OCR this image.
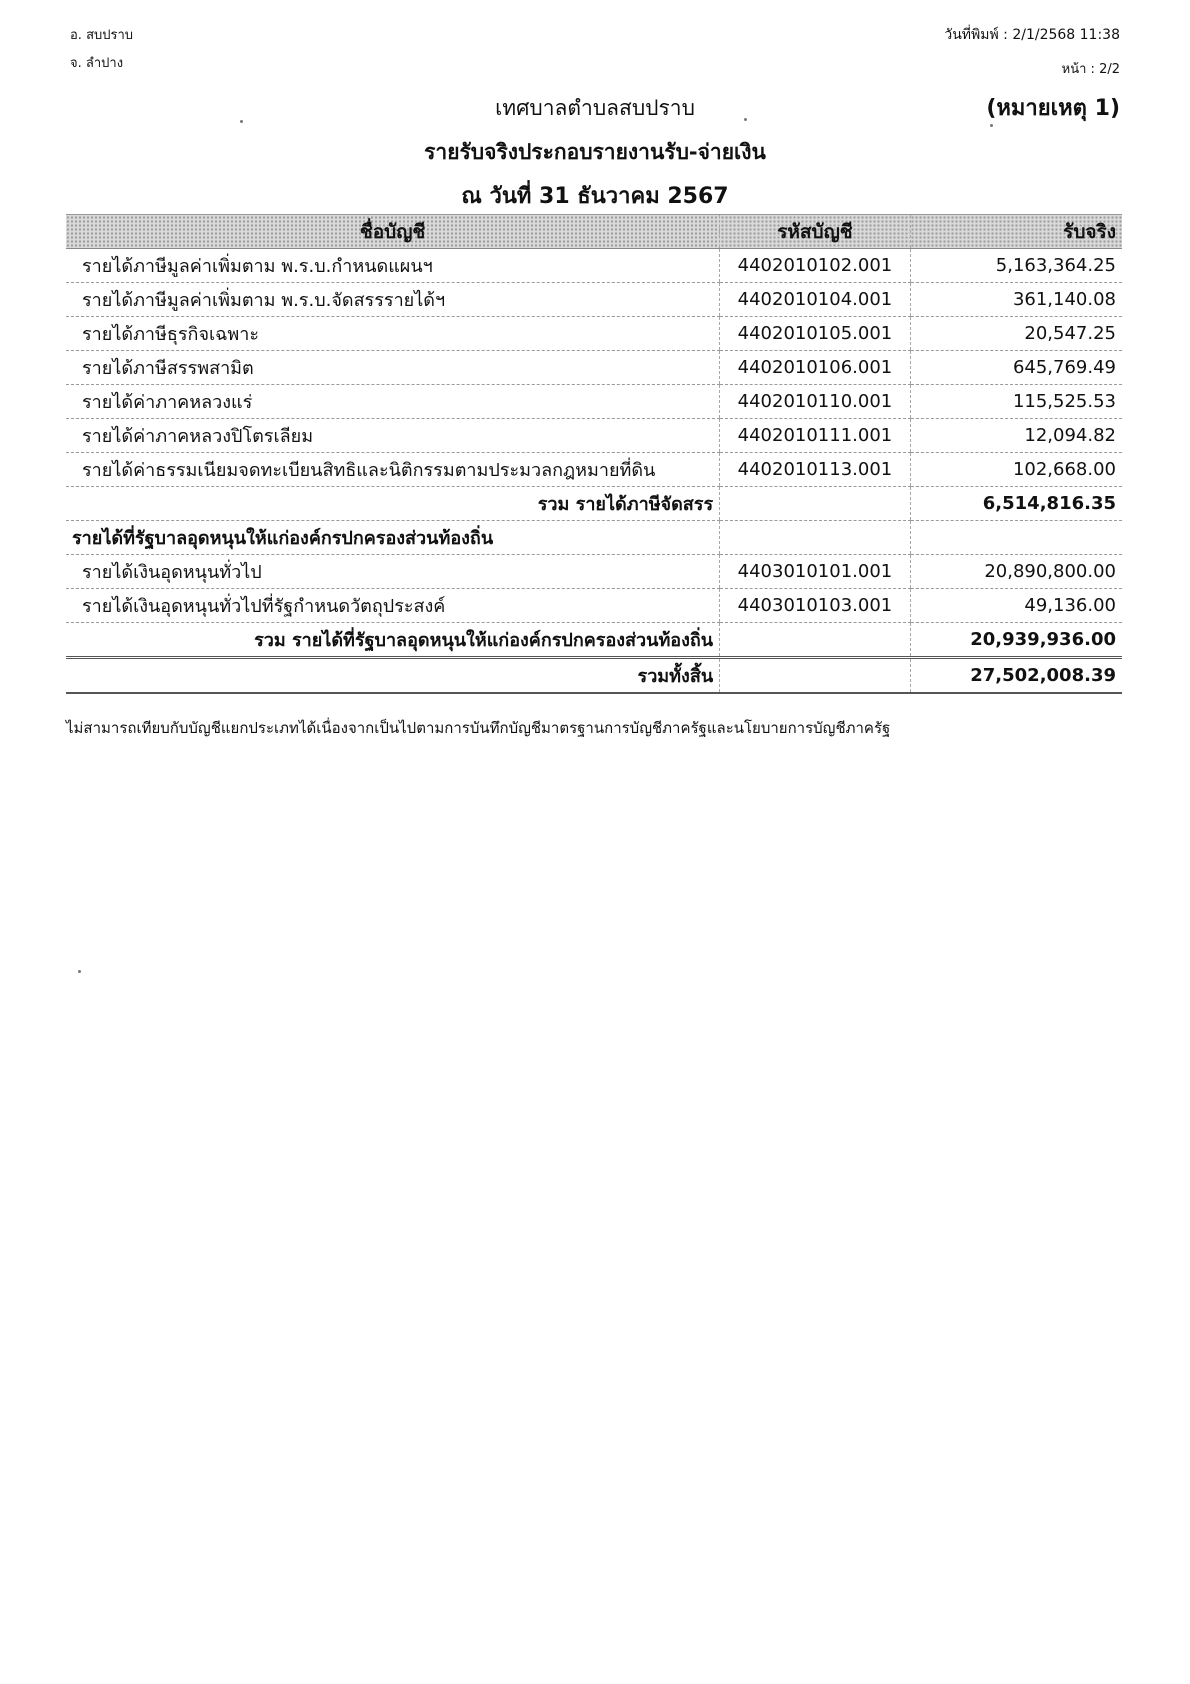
อ. สบปราบ
จ. ลำปาง
วันที่พิมพ์ : 2/1/2568 11:38
หน้า : 2/2
เทศบาลตำบลสบปราบ	(หมายเหตุ 1)
รายรับจริงประกอบรายงานรับ-จ่ายเงิน
ณ วันที่ 31 ธันวาคม 2567
ชื่อบัญชี	รหัสบัญชี	รับจริง
รายได้ภาษีมูลค่าเพิ่มตาม พ.ร.บ.กำหนดแผนฯ	4402010102.001	5,163,364.25
รายได้ภาษีมูลค่าเพิ่มตาม พ.ร.บ.จัดสรรรายได้ฯ	4402010104.001	361,140.08
รายได้ภาษีธุรกิจเฉพาะ	4402010105.001	20,547.25
รายได้ภาษีสรรพสามิต	4402010106.001	645,769.49
รายได้ค่าภาคหลวงแร่	4402010110.001	115,525.53
รายได้ค่าภาคหลวงปิโตรเลียม	4402010111.001	12,094.82
รายได้ค่าธรรมเนียมจดทะเบียนสิทธิและนิติกรรมตามประมวลกฎหมายที่ดิน	4402010113.001	102,668.00
รวม รายได้ภาษีจัดสรร		6,514,816.35
รายได้ที่รัฐบาลอุดหนุนให้แก่องค์กรปกครองส่วนท้องถิ่น		
รายได้เงินอุดหนุนทั่วไป	4403010101.001	20,890,800.00
รายได้เงินอุดหนุนทั่วไปที่รัฐกำหนดวัตถุประสงค์	4403010103.001	49,136.00
รวม รายได้ที่รัฐบาลอุดหนุนให้แก่องค์กรปกครองส่วนท้องถิ่น		20,939,936.00
รวมทั้งสิ้น		27,502,008.39
ไม่สามารถเทียบกับบัญชีแยกประเภทได้เนื่องจากเป็นไปตามการบันทึกบัญชีมาตรฐานการบัญชีภาครัฐและนโยบายการบัญชีภาครัฐ
